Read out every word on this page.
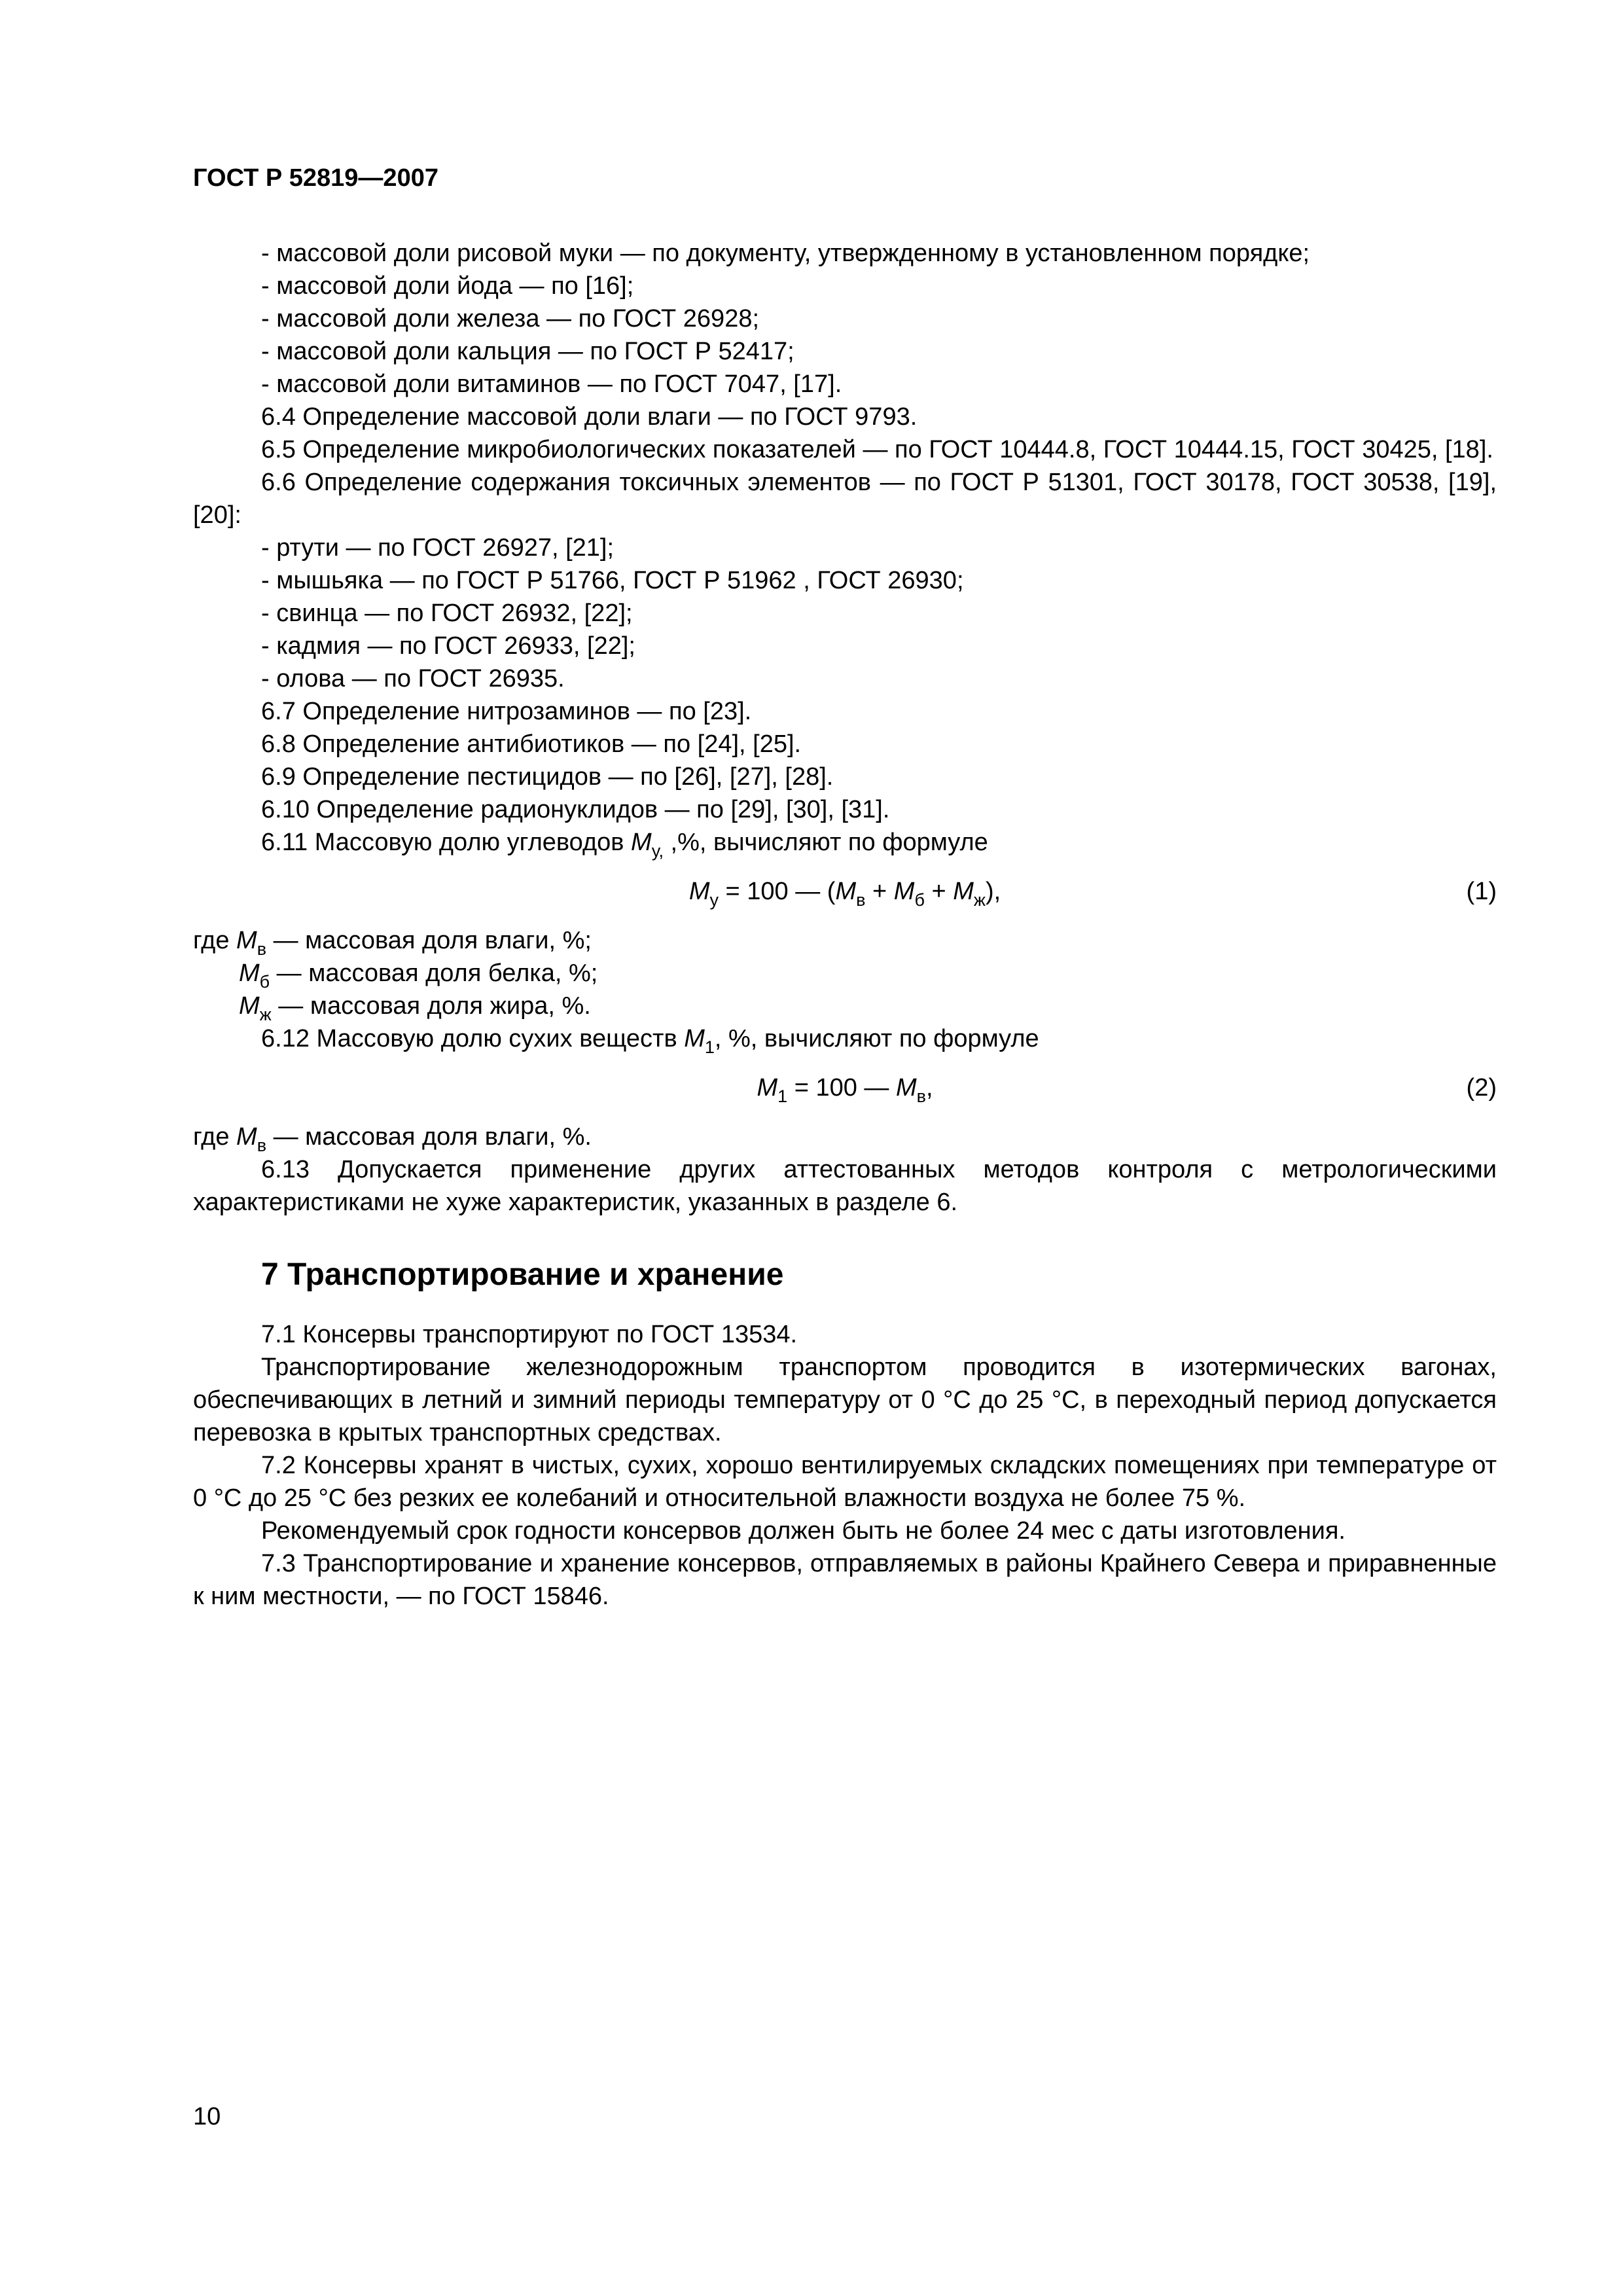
ГОСТ Р 52819—2007

- массовой доли рисовой муки — по документу, утвержденному в установленном порядке;

- массовой доли йода — по [16];

- массовой доли железа — по ГОСТ 26928;

- массовой доли кальция — по ГОСТ Р 52417;

- массовой доли витаминов — по ГОСТ 7047, [17].

6.4 Определение массовой доли влаги — по ГОСТ 9793.

6.5 Определение микробиологических показателей — по ГОСТ 10444.8, ГОСТ 10444.15, ГОСТ 30425, [18].

6.6 Определение содержания токсичных элементов — по ГОСТ Р 51301, ГОСТ 30178, ГОСТ 30538, [19], [20]:

- ртути — по ГОСТ 26927, [21];

- мышьяка — по ГОСТ Р 51766, ГОСТ Р 51962 , ГОСТ 26930;

- свинца — по ГОСТ 26932, [22];

- кадмия — по ГОСТ 26933, [22];

- олова — по ГОСТ 26935.

6.7 Определение нитрозаминов — по [23].

6.8 Определение антибиотиков — по [24], [25].

6.9 Определение пестицидов — по [26], [27], [28].

6.10 Определение радионуклидов — по [29], [30], [31].

6.11 Массовую долю углеводов $M_{у,}$ ,%, вычисляют по формуле

$M_у = 100$ — $(M_в + M_б + M_ж)$,	(1)

где $M_в$ — массовая доля влаги, %;

$M_б$ — массовая доля белка, %;

$M_ж$ — массовая доля жира, %.

6.12 Массовую долю сухих веществ $M_1$, %, вычисляют по формуле

$M_1 = 100$ — $M_в$,	(2)

где $M_в$ — массовая доля влаги, %.

6.13 Допускается применение других аттестованных методов контроля с метрологическими характеристиками не хуже характеристик, указанных в разделе 6.

7 Транспортирование и хранение

7.1 Консервы транспортируют по ГОСТ 13534.

Транспортирование железнодорожным транспортом проводится в изотермических вагонах, обеспечивающих в летний и зимний периоды температуру от 0 °С до 25 °С, в переходный период допускается перевозка в крытых транспортных средствах.

7.2 Консервы хранят в чистых, сухих, хорошо вентилируемых складских помещениях при температуре от 0 °С до 25 °С без резких ее колебаний и относительной влажности воздуха не более 75 %.

Рекомендуемый срок годности консервов должен быть не более 24 мес с даты изготовления.

7.3 Транспортирование и хранение консервов, отправляемых в районы Крайнего Севера и приравненные к ним местности, — по ГОСТ 15846.

10
